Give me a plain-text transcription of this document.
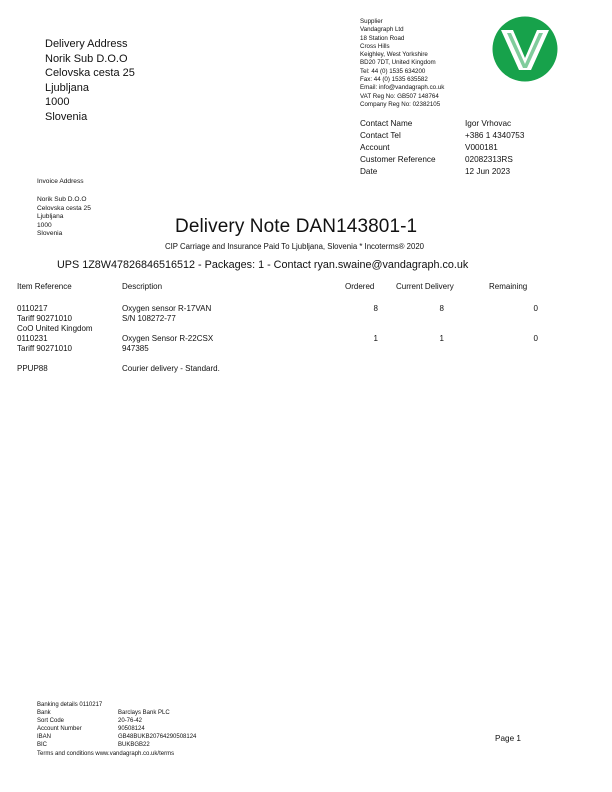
Delivery Address
Norik Sub D.O.O
Celovska cesta 25
Ljubljana
1000
Slovenia
Supplier
Vandagraph Ltd
18 Station Road
Cross Hills
Keighley, West Yorkshire
BD20 7DT, United Kingdom
Tel: 44 (0) 1535 634200
Fax: 44 (0) 1535 635582
Email: info@vandagraph.co.uk
VAT Reg No: GB507 148764
Company Reg No: 02382105
Contact Name	Igor Vrhovac
Contact Tel	+386 1 4340753
Account	V000181
Customer Reference	02082313RS
Date	12 Jun 2023
Invoice Address
Norik Sub D.O.O
Celovska cesta 25
Ljubljana
1000
Slovenia	Delivery Note DAN143801-1
CIP Carriage and Insurance Paid To Ljubljana, Slovenia * Incoterms® 2020
UPS 1Z8W47826846516512 - Packages: 1 - Contact ryan.swaine@vandagraph.co.uk
Item Reference	Description	Ordered	Current Delivery	Remaining
0110217	Oxygen sensor R-17VAN	8	8	0
Tariff 90271010	S/N 108272-77
CoO United Kingdom
0110231	Oxygen Sensor R-22CSX	1	1	0
Tariff 90271010	947385
PPUP88	Courier delivery - Standard.
Banking details 0110217
Bank	Barclays Bank PLC
Sort Code	20-76-42
Account Number	90508124
IBAN	GB48BUKB20764290508124
BIC	BUKBGB22
Terms and conditions www.vandagraph.co.uk/terms
Page 1
